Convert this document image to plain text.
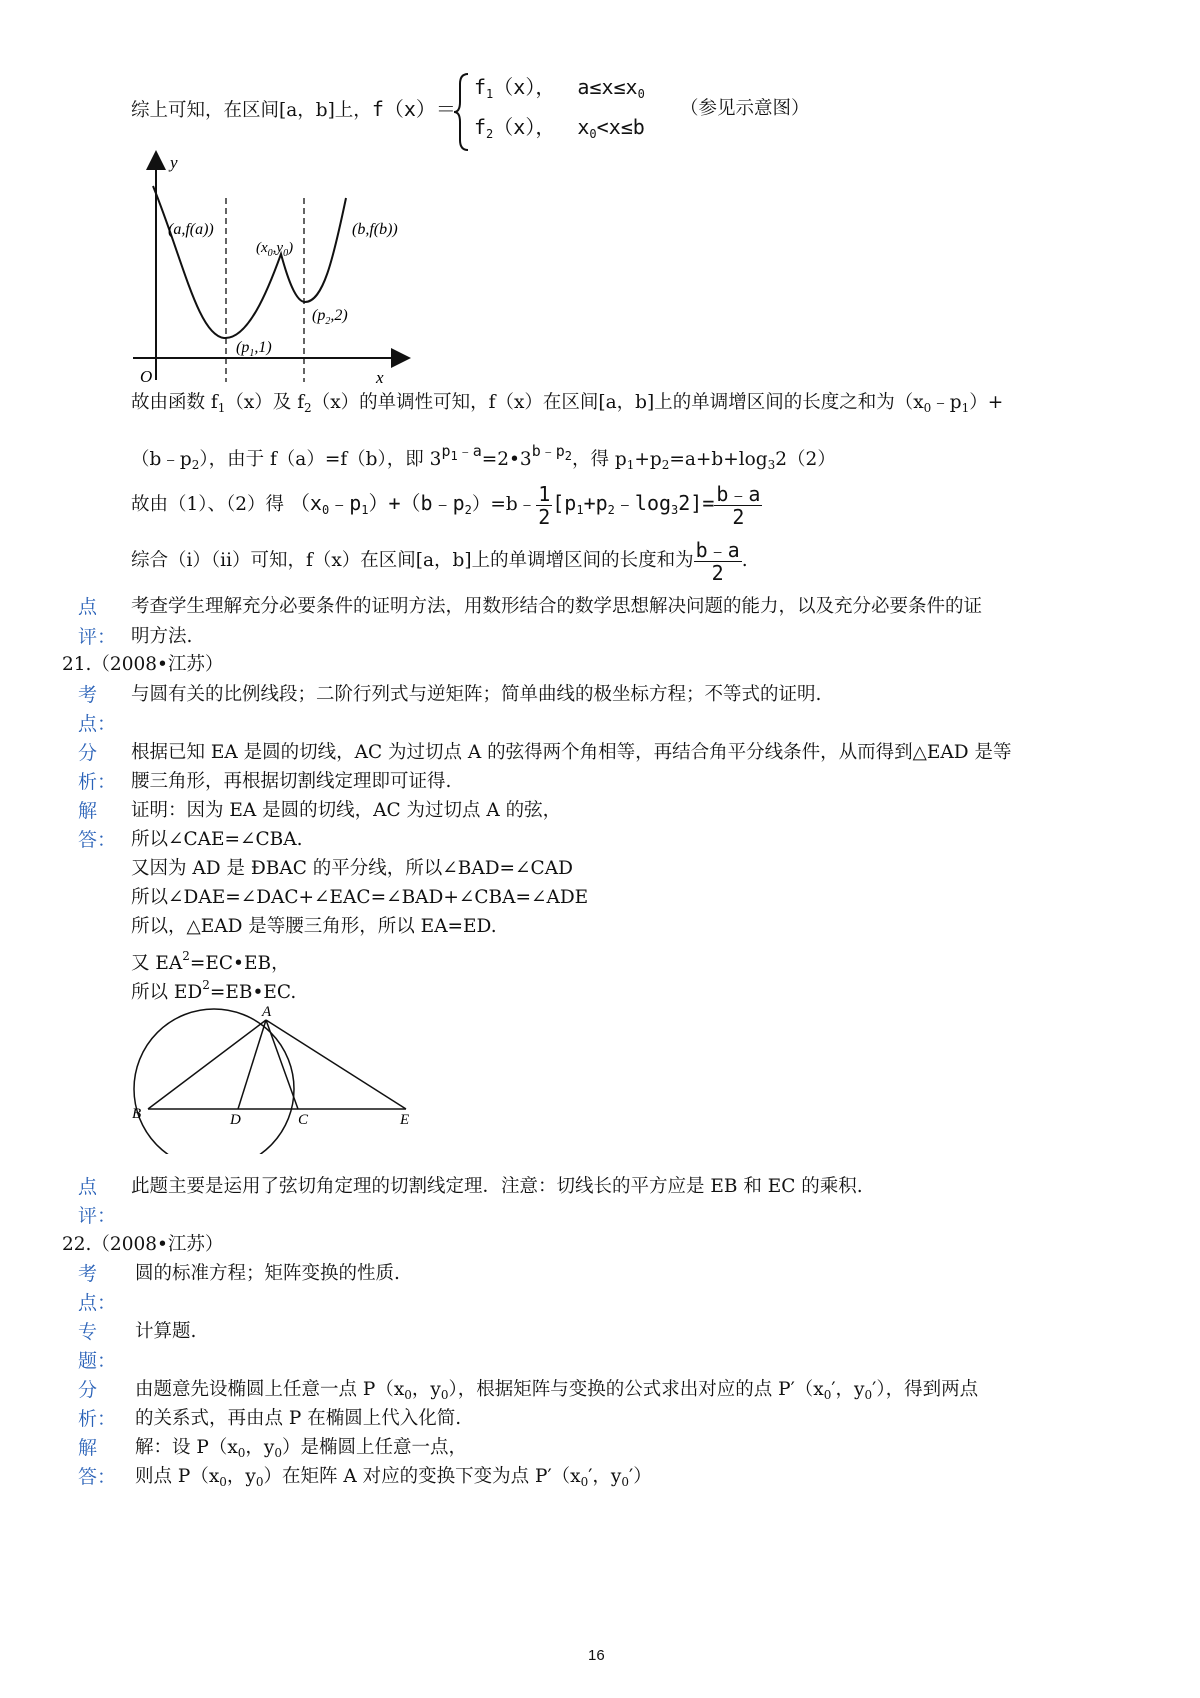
综上可知，在区间[a，b]上，f（x）＝
$f_1(x)$， $a\le x\le x_0$
$f_2(x)$， $x_0<x\le b$
（参见示意图）
y
x
O
(a,f(a))	(b,f(b))
$(x_0,y_0)$
$(p_2,2)$
$(p_1,1)$
故由函数 $f_1(x)$及 $f_2(x)$的单调性可知，f（x）在区间[a，b]上的单调增区间的长度之和为$(x_0﹣p_1)+$
$(b﹣p_2)$，由于 f（a）=f（b），即 $3^{p_1﹣a}=2•3^{b﹣p_2}$，得 $p_1+p_2=a+b+\log_32(2)$
故由（1）、（2）得 $(x_0﹣p_1)+(b﹣p_2)=b﹣ \frac{1}{2}$ $[p_1+p_2﹣\log_32]= \frac{b﹣a}{2}$
综合（i）（ii）可知，f（x）在区间[a，b]上的单调增区间的长度和为 $\frac{b﹣a}{2}$ .
点
评：
考查学生理解充分必要条件的证明方法，用数形结合的数学思想解决问题的能力，以及充分必要条件的证
明方法.
21.（2008•江苏）
考
点：
与圆有关的比例线段；二阶行列式与逆矩阵；简单曲线的极坐标方程；不等式的证明.
分
析：
根据已知 EA 是圆的切线，AC 为过切点 A 的弦得两个角相等，再结合角平分线条件，从而得到△EAD 是等
腰三角形，再根据切割线定理即可证得.
解
答：
证明：因为 EA 是圆的切线，AC 为过切点 A 的弦，
所以∠CAE=∠CBA.
又因为 AD 是 ÐBAC 的平分线，所以∠BAD=∠CAD
所以∠DAE=∠DAC+∠EAC=∠BAD+∠CBA=∠ADE
所以，△EAD 是等腰三角形，所以 EA=ED.
又 $EA^2=EC•EB$，
所以 $ED^2=EB•EC$.
A
B	C
D	E
点
评：
此题主要是运用了弦切角定理的切割线定理．注意：切线长的平方应是 EB 和 EC 的乘积.
22.（2008•江苏）
考
点：
圆的标准方程；矩阵变换的性质.
专
题：
计算题.
分
析：
由题意先设椭圆上任意一点 $P(x_0$，$y_0$），根据矩阵与变换的公式求出对应的点 $P'(x_0'$，$y_0'$），得到两点
的关系式，再由点 P 在椭圆上代入化简.
解
答：
解：设 $P(x_0$，$y_0$）是椭圆上任意一点，
则点 $P(x_0$，$y_0$）在矩阵 A 对应的变换下变为点 $P'(x_0'$，$y_0'$）
16
